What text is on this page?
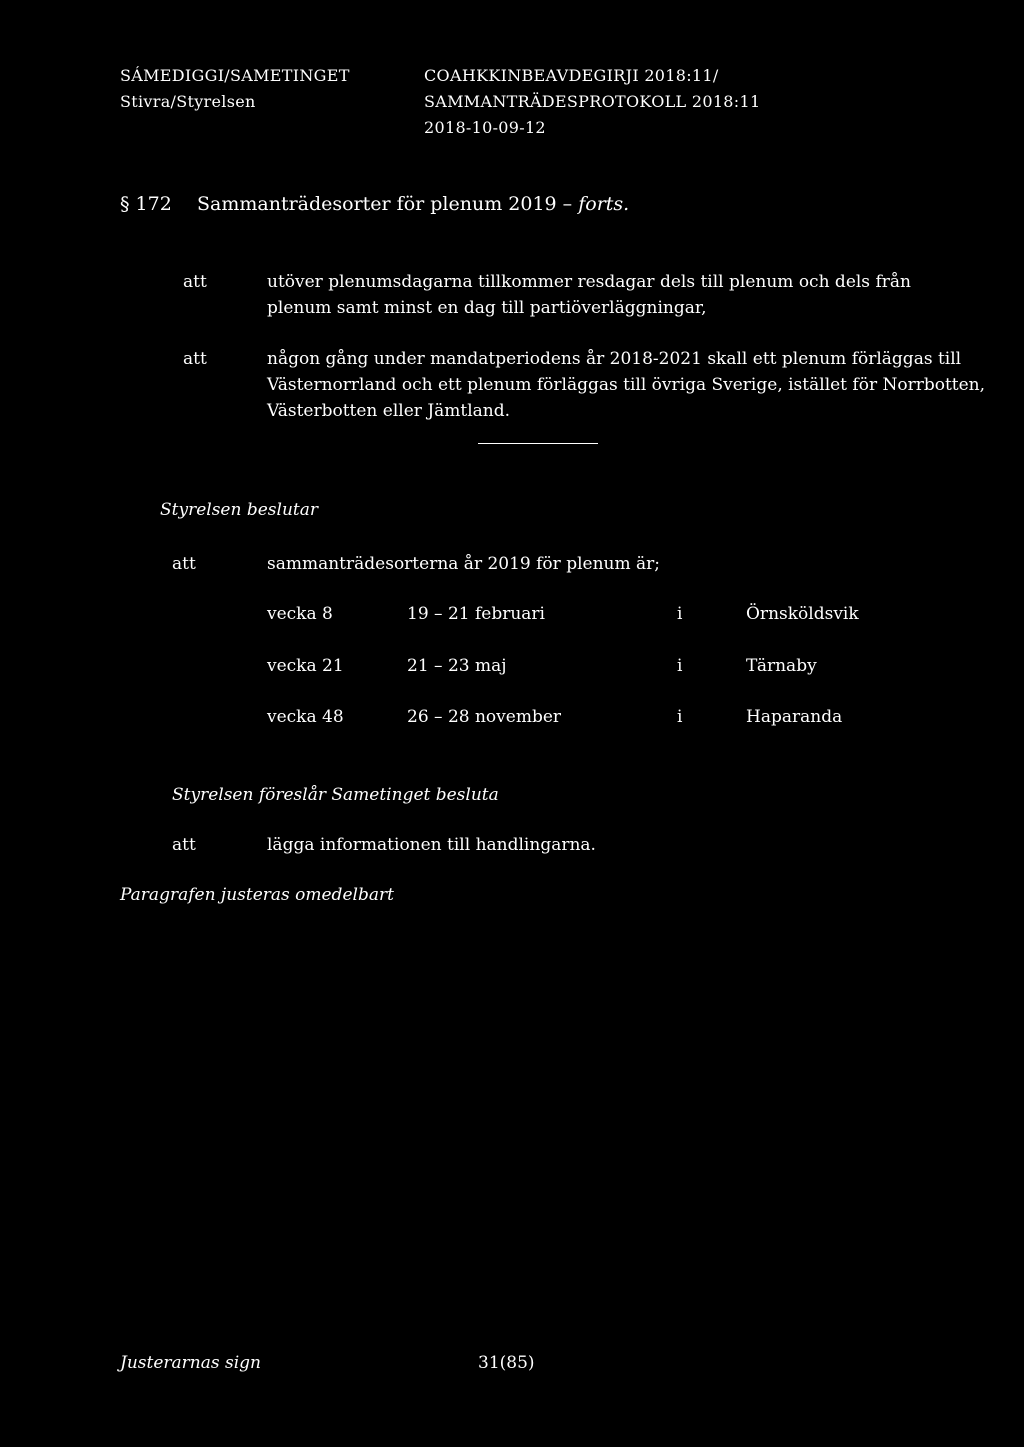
SÁMEDIGGI/SAMETINGET
Stivra/Styrelsen
COAHKKINBEAVDEGIRJI 2018:11/
SAMMANTRÄDESPROTOKOLL 2018:11
2018-10-09-12
§ 172 Sammanträdesorter för plenum 2019 – forts.
att	utöver plenumsdagarna tillkommer resdagar dels till plenum och dels från
plenum samt minst en dag till partiöverläggningar,
att	någon gång under mandatperiodens år 2018-2021 skall ett plenum förläggas till
Västernorrland och ett plenum förläggas till övriga Sverige, istället för Norrbotten,
Västerbotten eller Jämtland.
Styrelsen beslutar
att	sammanträdesorterna år 2019 för plenum är;
vecka 8	19 – 21 februari	i	Örnsköldsvik
vecka 21	21 – 23 maj	i	Tärnaby
vecka 48	26 – 28 november	i	Haparanda
Styrelsen föreslår Sametinget besluta
att	lägga informationen till handlingarna.
Paragrafen justeras omedelbart
Justerarnas sign	31(85)
